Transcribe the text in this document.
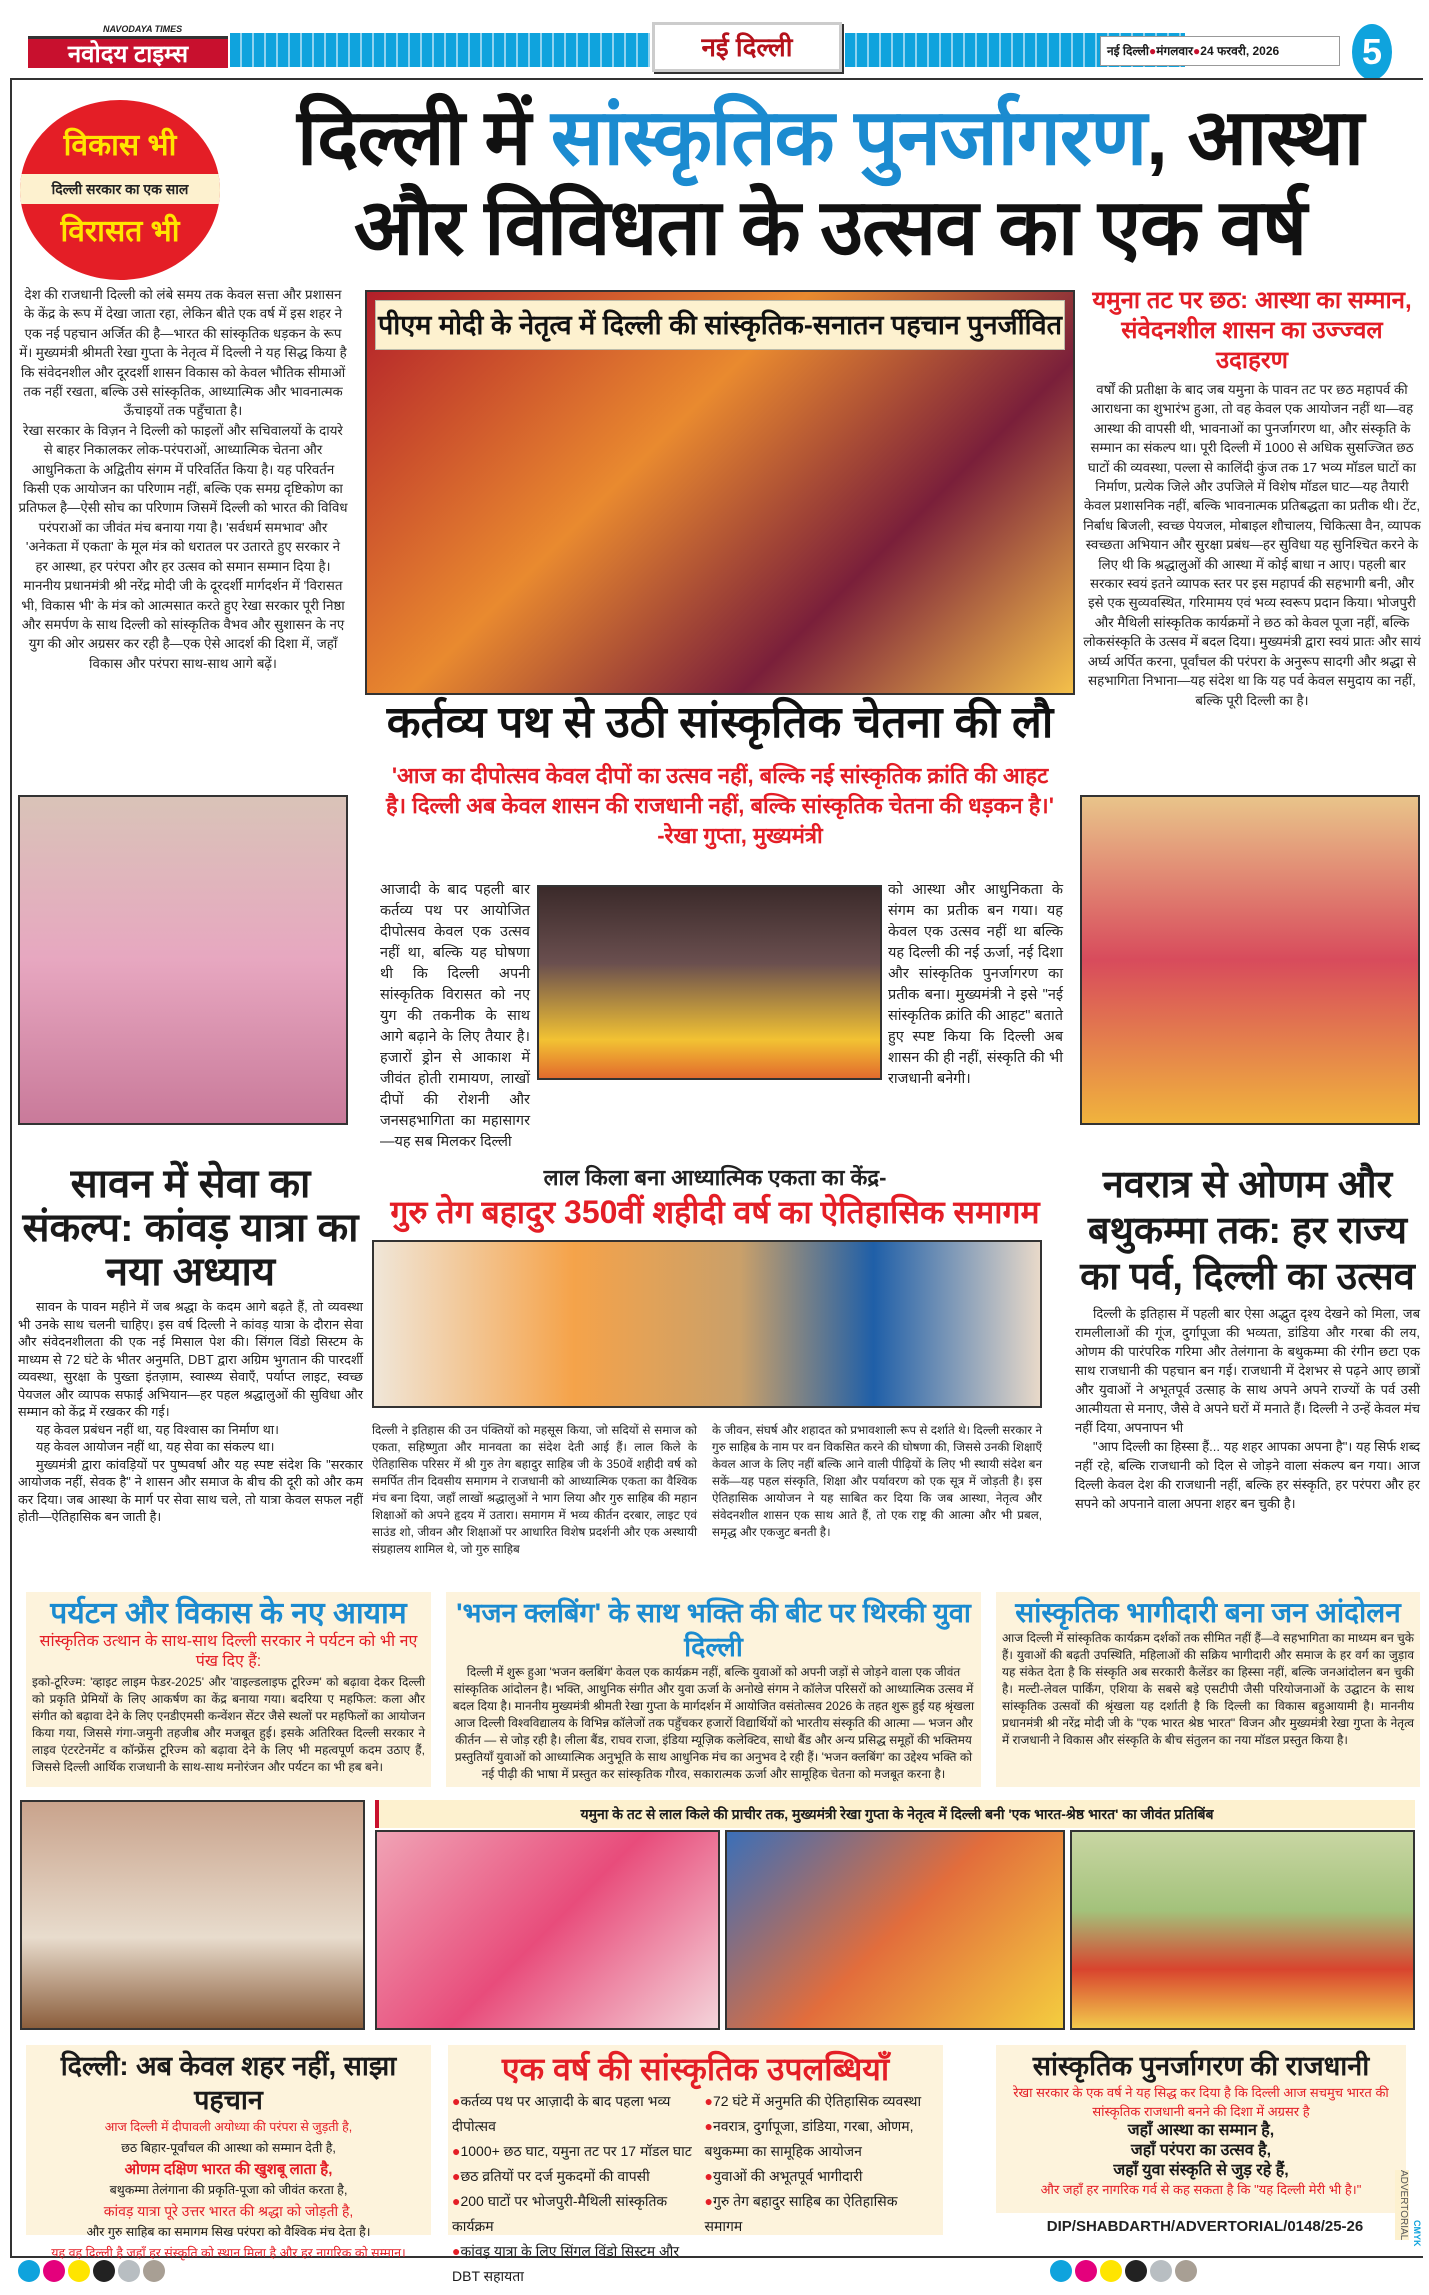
NAVODAYA TIMES
नवोदय टाइम्स	नई दिल्ली	नई दिल्ली●मंगलवार●24 फरवरी, 2026	5
विकास भी
दिल्ली सरकार का एक साल
विरासत भी
दिल्ली में सांस्कृतिक पुनर्जागरण, आस्था और विविधता के उत्सव का एक वर्ष

देश की राजधानी दिल्ली को लंबे समय तक केवल सत्ता और प्रशासन के केंद्र के रूप में देखा जाता रहा, लेकिन बीते एक वर्ष में इस शहर ने एक नई पहचान अर्जित की है—भारत की सांस्कृतिक धड़कन के रूप में। मुख्यमंत्री श्रीमती रेखा गुप्ता के नेतृत्व में दिल्ली ने यह सिद्ध किया है कि संवेदनशील और दूरदर्शी शासन विकास को केवल भौतिक सीमाओं तक नहीं रखता, बल्कि उसे सांस्कृतिक, आध्यात्मिक और भावनात्मक ऊँचाइयों तक पहुँचाता है।

रेखा सरकार के विज़न ने दिल्ली को फाइलों और सचिवालयों के दायरे से बाहर निकालकर लोक-परंपराओं, आध्यात्मिक चेतना और आधुनिकता के अद्वितीय संगम में परिवर्तित किया है। यह परिवर्तन किसी एक आयोजन का परिणाम नहीं, बल्कि एक समग्र दृष्टिकोण का प्रतिफल है—ऐसी सोच का परिणाम जिसमें दिल्ली को भारत की विविध परंपराओं का जीवंत मंच बनाया गया है। 'सर्वधर्म समभाव' और 'अनेकता में एकता' के मूल मंत्र को धरातल पर उतारते हुए सरकार ने हर आस्था, हर परंपरा और हर उत्सव को समान सम्मान दिया है।

माननीय प्रधानमंत्री श्री नरेंद्र मोदी जी के दूरदर्शी मार्गदर्शन में 'विरासत भी, विकास भी' के मंत्र को आत्मसात करते हुए रेखा सरकार पूरी निष्ठा और समर्पण के साथ दिल्ली को सांस्कृतिक वैभव और सुशासन के नए युग की ओर अग्रसर कर रही है—एक ऐसे आदर्श की दिशा में, जहाँ विकास और परंपरा साथ-साथ आगे बढ़ें।

पीएम मोदी के नेतृत्व में दिल्ली की सांस्कृतिक-सनातन पहचान पुनर्जीवित
यमुना तट पर छठ: आस्था का सम्मान, संवेदनशील शासन का उज्ज्वल उदाहरण

वर्षों की प्रतीक्षा के बाद जब यमुना के पावन तट पर छठ महापर्व की आराधना का शुभारंभ हुआ, तो वह केवल एक आयोजन नहीं था—वह आस्था की वापसी थी, भावनाओं का पुनर्जागरण था, और संस्कृति के सम्मान का संकल्प था। पूरी दिल्ली में 1000 से अधिक सुसज्जित छठ घाटों की व्यवस्था, पल्ला से कालिंदी कुंज तक 17 भव्य मॉडल घाटों का निर्माण, प्रत्येक जिले और उपजिले में विशेष मॉडल घाट—यह तैयारी केवल प्रशासनिक नहीं, बल्कि भावनात्मक प्रतिबद्धता का प्रतीक थी। टेंट, निर्बाध बिजली, स्वच्छ पेयजल, मोबाइल शौचालय, चिकित्सा वैन, व्यापक स्वच्छता अभियान और सुरक्षा प्रबंध—हर सुविधा यह सुनिश्चित करने के लिए थी कि श्रद्धालुओं की आस्था में कोई बाधा न आए। पहली बार सरकार स्वयं इतने व्यापक स्तर पर इस महापर्व की सहभागी बनी, और इसे एक सुव्यवस्थित, गरिमामय एवं भव्य स्वरूप प्रदान किया। भोजपुरी और मैथिली सांस्कृतिक कार्यक्रमों ने छठ को केवल पूजा नहीं, बल्कि लोकसंस्कृति के उत्सव में बदल दिया। मुख्यमंत्री द्वारा स्वयं प्रातः और सायं अर्घ्य अर्पित करना, पूर्वांचल की परंपरा के अनुरूप सादगी और श्रद्धा से सहभागिता निभाना—यह संदेश था कि यह पर्व केवल समुदाय का नहीं, बल्कि पूरी दिल्ली का है।

कर्तव्य पथ से उठी सांस्कृतिक चेतना की लौ
'आज का दीपोत्सव केवल दीपों का उत्सव नहीं, बल्कि नई सांस्कृतिक क्रांति की आहट है। दिल्ली अब केवल शासन की राजधानी नहीं, बल्कि सांस्कृतिक चेतना की धड़कन है।' -रेखा गुप्ता, मुख्यमंत्री
आजादी के बाद पहली बार कर्तव्य पथ पर आयोजित दीपोत्सव केवल एक उत्सव नहीं था, बल्कि यह घोषणा थी कि दिल्ली अपनी सांस्कृतिक विरासत को नए युग की तकनीक के साथ आगे बढ़ाने के लिए तैयार है। हजारों ड्रोन से आकाश में जीवंत होती रामायण, लाखों दीपों की रोशनी और जनसहभागिता का महासागर—यह सब मिलकर दिल्ली
को आस्था और आधुनिकता के संगम का प्रतीक बन गया। यह केवल एक उत्सव नहीं था बल्कि यह दिल्ली की नई ऊर्जा, नई दिशा और सांस्कृतिक पुनर्जागरण का प्रतीक बना। मुख्यमंत्री ने इसे "नई सांस्कृतिक क्रांति की आहट" बताते हुए स्पष्ट किया कि दिल्ली अब शासन की ही नहीं, संस्कृति की भी राजधानी बनेगी।
सावन में सेवा का संकल्प: कांवड़ यात्रा का नया अध्याय

सावन के पावन महीने में जब श्रद्धा के कदम आगे बढ़ते हैं, तो व्यवस्था भी उनके साथ चलनी चाहिए। इस वर्ष दिल्ली ने कांवड़ यात्रा के दौरान सेवा और संवेदनशीलता की एक नई मिसाल पेश की। सिंगल विंडो सिस्टम के माध्यम से 72 घंटे के भीतर अनुमति, DBT द्वारा अग्रिम भुगतान की पारदर्शी व्यवस्था, सुरक्षा के पुख्ता इंतज़ाम, स्वास्थ्य सेवाएँ, पर्याप्त लाइट, स्वच्छ पेयजल और व्यापक सफाई अभियान—हर पहल श्रद्धालुओं की सुविधा और सम्मान को केंद्र में रखकर की गई।

यह केवल प्रबंधन नहीं था, यह विश्वास का निर्माण था।

यह केवल आयोजन नहीं था, यह सेवा का संकल्प था।

मुख्यमंत्री द्वारा कांवड़ियों पर पुष्पवर्षा और यह स्पष्ट संदेश कि "सरकार आयोजक नहीं, सेवक है" ने शासन और समाज के बीच की दूरी को और कम कर दिया। जब आस्था के मार्ग पर सेवा साथ चले, तो यात्रा केवल सफल नहीं होती—ऐतिहासिक बन जाती है।

लाल किला बना आध्यात्मिक एकता का केंद्र-
गुरु तेग बहादुर 350वीं शहीदी वर्ष का ऐतिहासिक समागम
दिल्ली ने इतिहास की उन पंक्तियों को महसूस किया, जो सदियों से समाज को एकता, सहिष्णुता और मानवता का संदेश देती आई हैं। लाल किले के ऐतिहासिक परिसर में श्री गुरु तेग बहादुर साहिब जी के 350वें शहीदी वर्ष को समर्पित तीन दिवसीय समागम ने राजधानी को आध्यात्मिक एकता का वैश्विक मंच बना दिया, जहाँ लाखों श्रद्धालुओं ने भाग लिया और गुरु साहिब की महान शिक्षाओं को अपने हृदय में उतारा। समागम में भव्य कीर्तन दरबार, लाइट एवं साउंड शो, जीवन और शिक्षाओं पर आधारित विशेष प्रदर्शनी और एक अस्थायी संग्रहालय शामिल थे, जो गुरु साहिब
के जीवन, संघर्ष और शहादत को प्रभावशाली रूप से दर्शाते थे। दिल्ली सरकार ने गुरु साहिब के नाम पर वन विकसित करने की घोषणा की, जिससे उनकी शिक्षाएँ केवल आज के लिए नहीं बल्कि आने वाली पीढ़ियों के लिए भी स्थायी संदेश बन सकें—यह पहल संस्कृति, शिक्षा और पर्यावरण को एक सूत्र में जोड़ती है। इस ऐतिहासिक आयोजन ने यह साबित कर दिया कि जब आस्था, नेतृत्व और संवेदनशील शासन एक साथ आते हैं, तो एक राष्ट्र की आत्मा और भी प्रबल, समृद्ध और एकजुट बनती है।
नवरात्र से ओणम और बथुकम्मा तक: हर राज्य का पर्व, दिल्ली का उत्सव

दिल्ली के इतिहास में पहली बार ऐसा अद्भुत दृश्य देखने को मिला, जब रामलीलाओं की गूंज, दुर्गापूजा की भव्यता, डांडिया और गरबा की लय, ओणम की पारंपरिक गरिमा और तेलंगाना के बथुकम्मा की रंगीन छटा एक साथ राजधानी की पहचान बन गई। राजधानी में देशभर से पढ़ने आए छात्रों और युवाओं ने अभूतपूर्व उत्साह के साथ अपने अपने राज्यों के पर्व उसी आत्मीयता से मनाए, जैसे वे अपने घरों में मनाते हैं। दिल्ली ने उन्हें केवल मंच नहीं दिया, अपनापन भी

"आप दिल्ली का हिस्सा हैं... यह शहर आपका अपना है"। यह सिर्फ शब्द नहीं रहे, बल्कि राजधानी को दिल से जोड़ने वाला संकल्प बन गया। आज दिल्ली केवल देश की राजधानी नहीं, बल्कि हर संस्कृति, हर परंपरा और हर सपने को अपनाने वाला अपना शहर बन चुकी है।

पर्यटन और विकास के नए आयाम
सांस्कृतिक उत्थान के साथ-साथ दिल्ली सरकार ने पर्यटन को भी नए पंख दिए हैं:

इको-टूरिज्म: 'व्हाइट लाइम फेडर-2025' और 'वाइल्डलाइफ टूरिज्म' को बढ़ावा देकर दिल्ली को प्रकृति प्रेमियों के लिए आकर्षण का केंद्र बनाया गया। बदरिया ए महफिल: कला और संगीत को बढ़ावा देने के लिए एनडीएमसी कन्वेंशन सेंटर जैसे स्थलों पर महफिलों का आयोजन किया गया, जिससे गंगा-जमुनी तहजीब और मजबूत हुई। इसके अतिरिक्त दिल्ली सरकार ने लाइव एंटरटेनमेंट व कॉन्फ्रेंस टूरिज्म को बढ़ावा देने के लिए भी महत्वपूर्ण कदम उठाए हैं, जिससे दिल्ली आर्थिक राजधानी के साथ-साथ मनोरंजन और पर्यटन का भी हब बने।

'भजन क्लबिंग' के साथ भक्ति की बीट पर थिरकी युवा दिल्ली

दिल्ली में शुरू हुआ 'भजन क्लबिंग' केवल एक कार्यक्रम नहीं, बल्कि युवाओं को अपनी जड़ों से जोड़ने वाला एक जीवंत सांस्कृतिक आंदोलन है। भक्ति, आधुनिक संगीत और युवा ऊर्जा के अनोखे संगम ने कॉलेज परिसरों को आध्यात्मिक उत्सव में बदल दिया है। माननीय मुख्यमंत्री श्रीमती रेखा गुप्ता के मार्गदर्शन में आयोजित वसंतोत्सव 2026 के तहत शुरू हुई यह श्रृंखला आज दिल्ली विश्वविद्यालय के विभिन्न कॉलेजों तक पहुँचकर हजारों विद्यार्थियों को भारतीय संस्कृति की आत्मा — भजन और कीर्तन — से जोड़ रही है। लीला बैंड, राघव राजा, इंडिया म्यूज़िक कलेक्टिव, साधो बैंड और अन्य प्रसिद्ध समूहों की भक्तिमय प्रस्तुतियाँ युवाओं को आध्यात्मिक अनुभूति के साथ आधुनिक मंच का अनुभव दे रही हैं। 'भजन क्लबिंग' का उद्देश्य भक्ति को नई पीढ़ी की भाषा में प्रस्तुत कर सांस्कृतिक गौरव, सकारात्मक ऊर्जा और सामूहिक चेतना को मजबूत करना है।

सांस्कृतिक भागीदारी बना जन आंदोलन

आज दिल्ली में सांस्कृतिक कार्यक्रम दर्शकों तक सीमित नहीं हैं—वे सहभागिता का माध्यम बन चुके हैं। युवाओं की बढ़ती उपस्थिति, महिलाओं की सक्रिय भागीदारी और समाज के हर वर्ग का जुड़ाव यह संकेत देता है कि संस्कृति अब सरकारी कैलेंडर का हिस्सा नहीं, बल्कि जनआंदोलन बन चुकी है। मल्टी-लेवल पार्किंग, एशिया के सबसे बड़े एसटीपी जैसी परियोजनाओं के उद्घाटन के साथ सांस्कृतिक उत्सवों की श्रृंखला यह दर्शाती है कि दिल्ली का विकास बहुआयामी है। माननीय प्रधानमंत्री श्री नरेंद्र मोदी जी के "एक भारत श्रेष्ठ भारत" विजन और मुख्यमंत्री रेखा गुप्ता के नेतृत्व में राजधानी ने विकास और संस्कृति के बीच संतुलन का नया मॉडल प्रस्तुत किया है।

यमुना के तट से लाल किले की प्राचीर तक, मुख्यमंत्री रेखा गुप्ता के नेतृत्व में दिल्ली बनी 'एक भारत-श्रेष्ठ भारत' का जीवंत प्रतिबिंब
दिल्ली: अब केवल शहर नहीं, साझा पहचान
आज दिल्ली में दीपावली अयोध्या की परंपरा से जुड़ती है,
छठ बिहार-पूर्वांचल की आस्था को सम्मान देती है,
ओणम दक्षिण भारत की खुशबू लाता है,
बथुकम्मा तेलंगाना की प्रकृति-पूजा को जीवंत करता है,
कांवड़ यात्रा पूरे उत्तर भारत की श्रद्धा को जोड़ती है,
और गुरु साहिब का समागम सिख परंपरा को वैश्विक मंच देता है।
यह वह दिल्ली है जहाँ हर संस्कृति को स्थान मिला है और हर नागरिक को सम्मान।
एक वर्ष की सांस्कृतिक उपलब्धियाँ
● कर्तव्य पथ पर आज़ादी के बाद पहला भव्य दीपोत्सव
● 1000+ छठ घाट, यमुना तट पर 17 मॉडल घाट
● छठ व्रतियों पर दर्ज मुकदमों की वापसी
● 200 घाटों पर भोजपुरी-मैथिली सांस्कृतिक कार्यक्रम
● कांवड़ यात्रा के लिए सिंगल विंडो सिस्टम और DBT सहायता
● 72 घंटे में अनुमति की ऐतिहासिक व्यवस्था
● नवरात्र, दुर्गापूजा, डांडिया, गरबा, ओणम, बथुकम्मा का सामूहिक आयोजन
● युवाओं की अभूतपूर्व भागीदारी
● गुरु तेग बहादुर साहिब का ऐतिहासिक समागम
सांस्कृतिक पुनर्जागरण की राजधानी
रेखा सरकार के एक वर्ष ने यह सिद्ध कर दिया है कि दिल्ली आज सचमुच भारत की सांस्कृतिक राजधानी बनने की दिशा में अग्रसर है
जहाँ आस्था का सम्मान है,
जहाँ परंपरा का उत्सव है,
जहाँ युवा संस्कृति से जुड़ रहे हैं,
और जहाँ हर नागरिक गर्व से कह सकता है कि "यह दिल्ली मेरी भी है।"
DIP/SHABDARTH/ADVERTORIAL/0148/25-26	ADVERTORIAL CMYK
